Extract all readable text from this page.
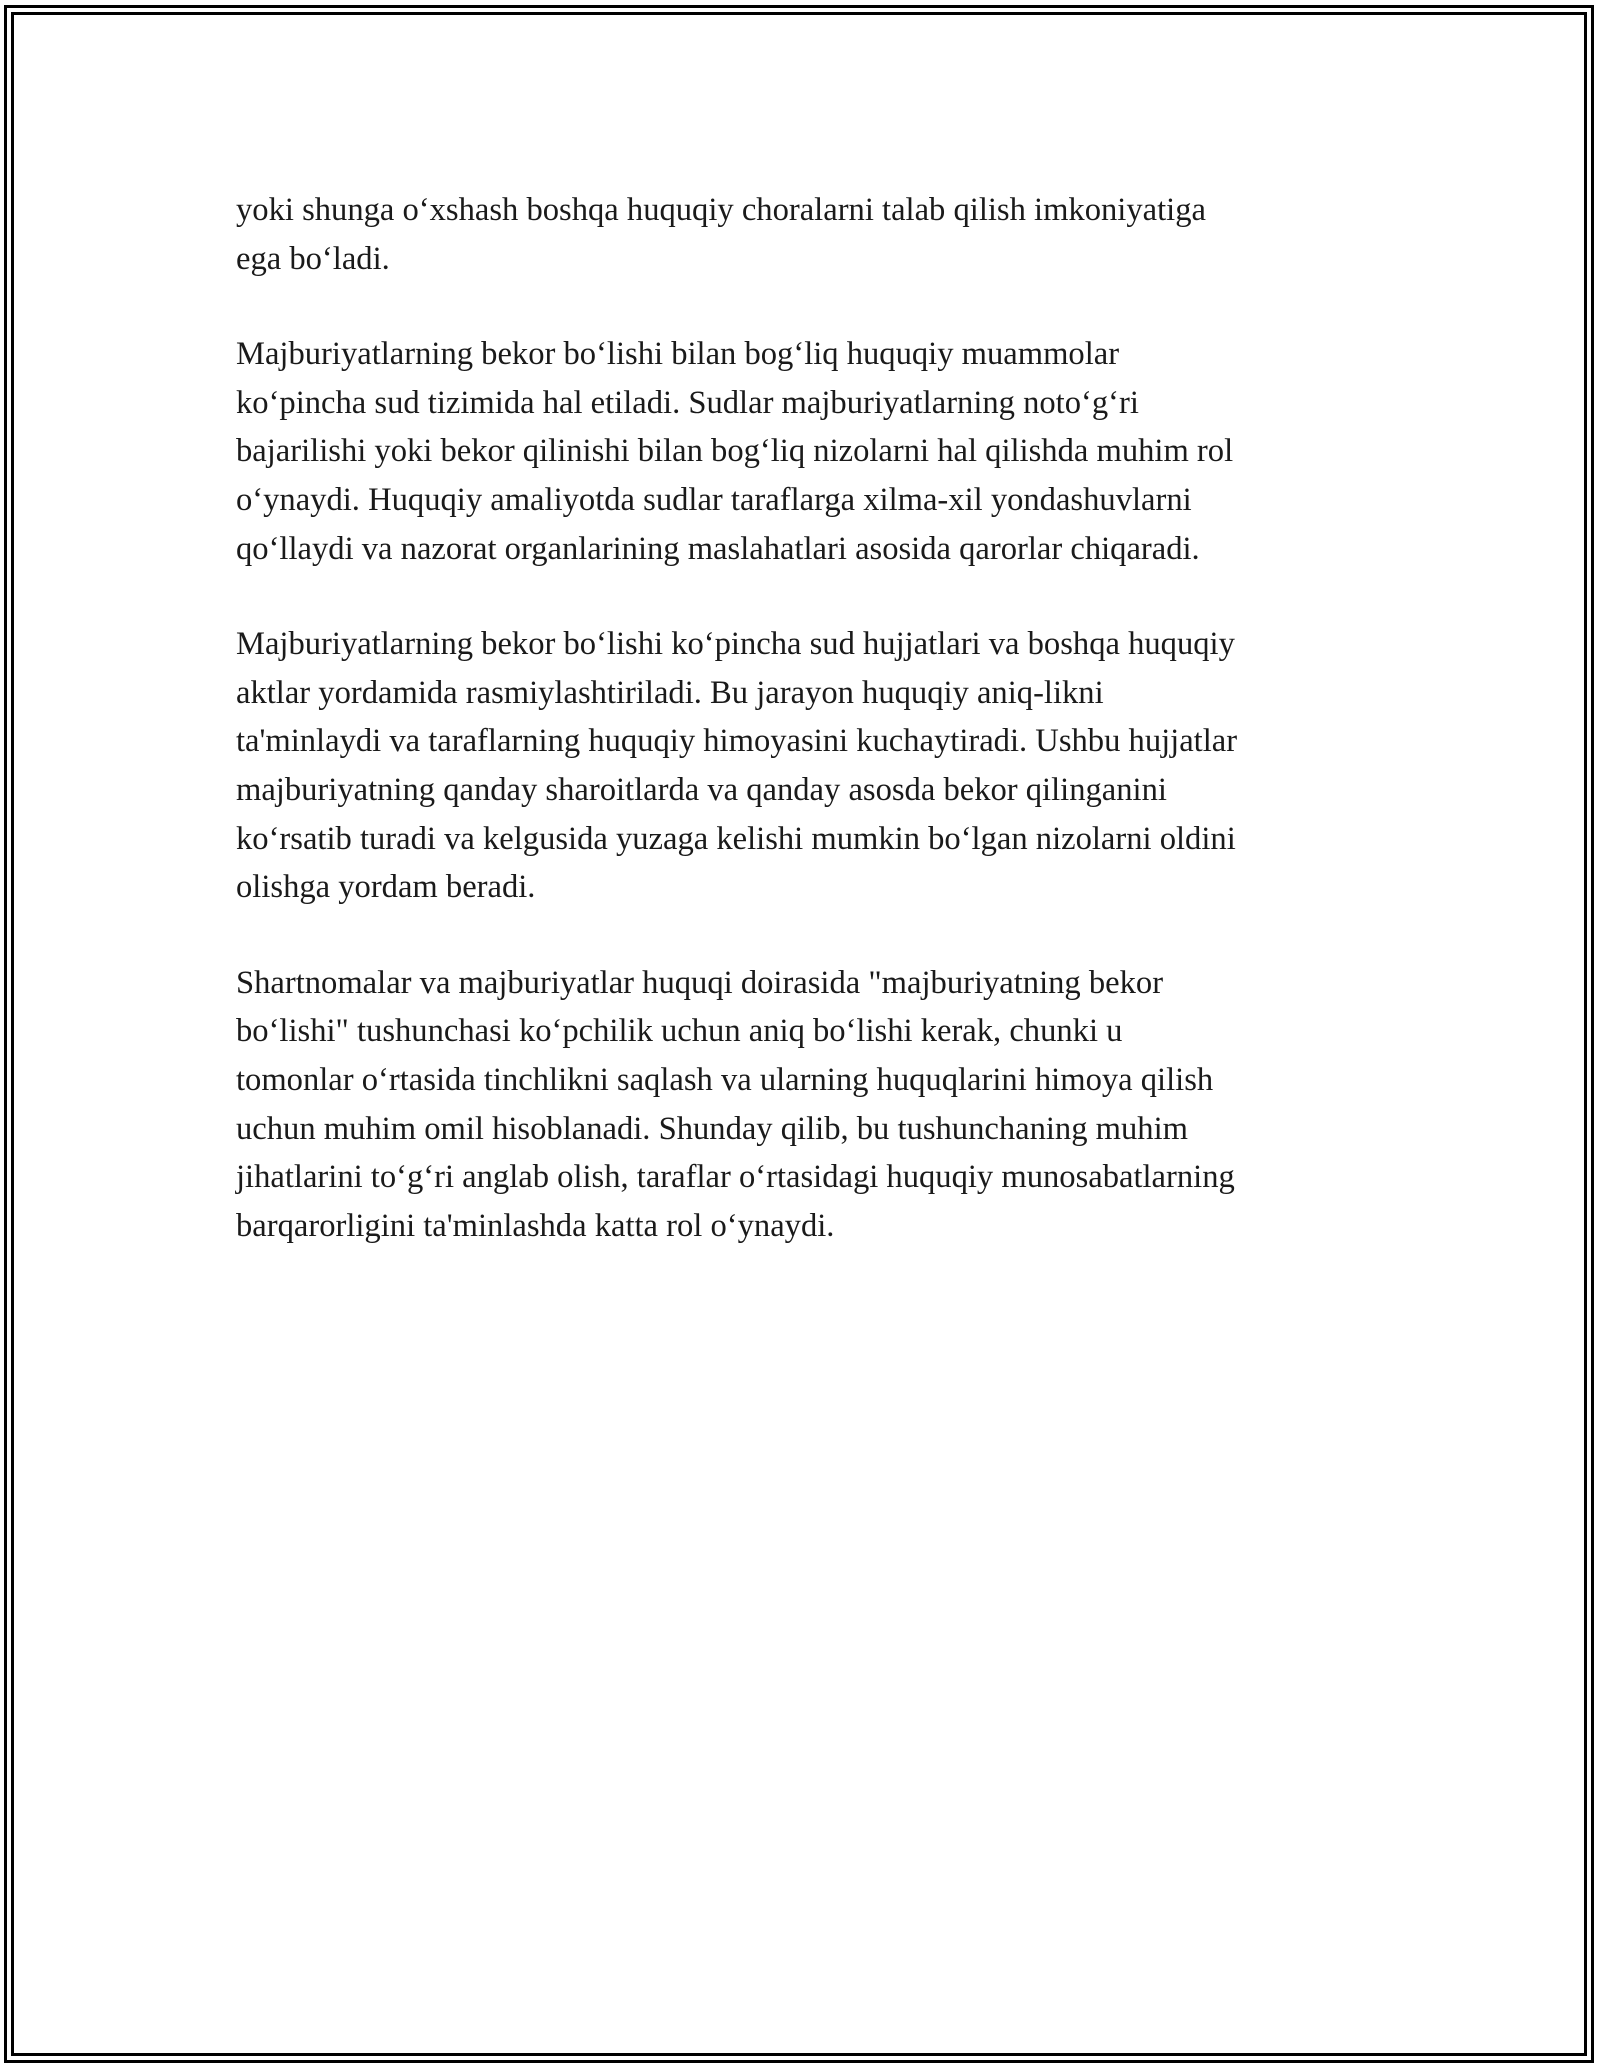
yoki shunga o‘xshash boshqa huquqiy choralarni talab qilish imkoniyatiga
ega bo‘ladi.
Majburiyatlarning bekor bo‘lishi bilan bog‘liq huquqiy muammolar
ko‘pincha sud tizimida hal etiladi. Sudlar majburiyatlarning noto‘g‘ri
bajarilishi yoki bekor qilinishi bilan bog‘liq nizolarni hal qilishda muhim rol
o‘ynaydi. Huquqiy amaliyotda sudlar taraflarga xilma-xil yondashuvlarni
qo‘llaydi va nazorat organlarining maslahatlari asosida qarorlar chiqaradi.
Majburiyatlarning bekor bo‘lishi ko‘pincha sud hujjatlari va boshqa huquqiy
aktlar yordamida rasmiylashtiriladi. Bu jarayon huquqiy aniq-likni
ta'minlaydi va taraflarning huquqiy himoyasini kuchaytiradi. Ushbu hujjatlar
majburiyatning qanday sharoitlarda va qanday asosda bekor qilinganini
ko‘rsatib turadi va kelgusida yuzaga kelishi mumkin bo‘lgan nizolarni oldini
olishga yordam beradi.
Shartnomalar va majburiyatlar huquqi doirasida "majburiyatning bekor
bo‘lishi" tushunchasi ko‘pchilik uchun aniq bo‘lishi kerak, chunki u
tomonlar o‘rtasida tinchlikni saqlash va ularning huquqlarini himoya qilish
uchun muhim omil hisoblanadi. Shunday qilib, bu tushunchaning muhim
jihatlarini to‘g‘ri anglab olish, taraflar o‘rtasidagi huquqiy munosabatlarning
barqarorligini ta'minlashda katta rol o‘ynaydi.
